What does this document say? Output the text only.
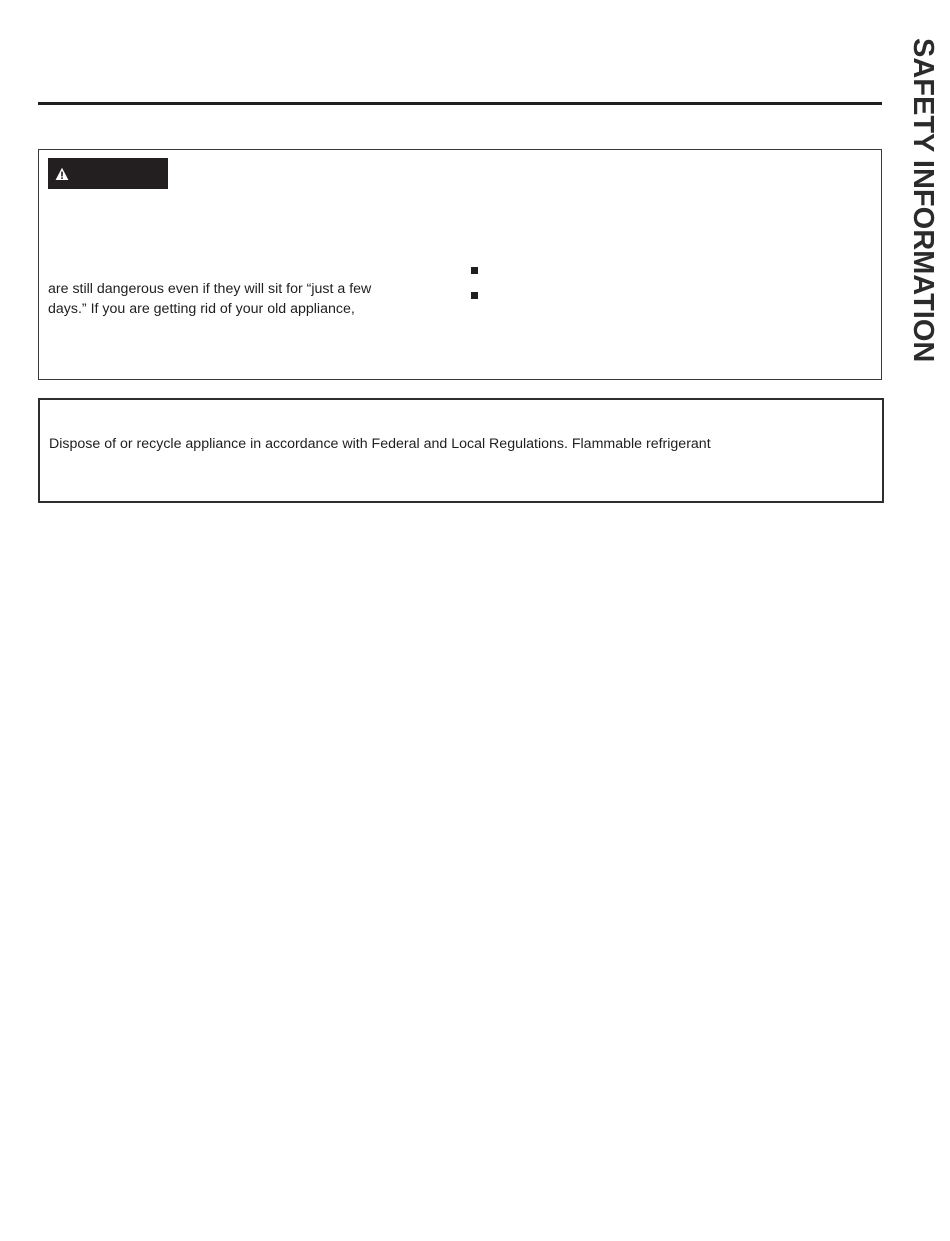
SAFETY INFORMATION
are still dangerous even if they will sit for “just a few
days.” If you are getting rid of your old appliance,
Dispose of or recycle appliance in accordance with Federal and Local Regulations. Flammable refrigerant
